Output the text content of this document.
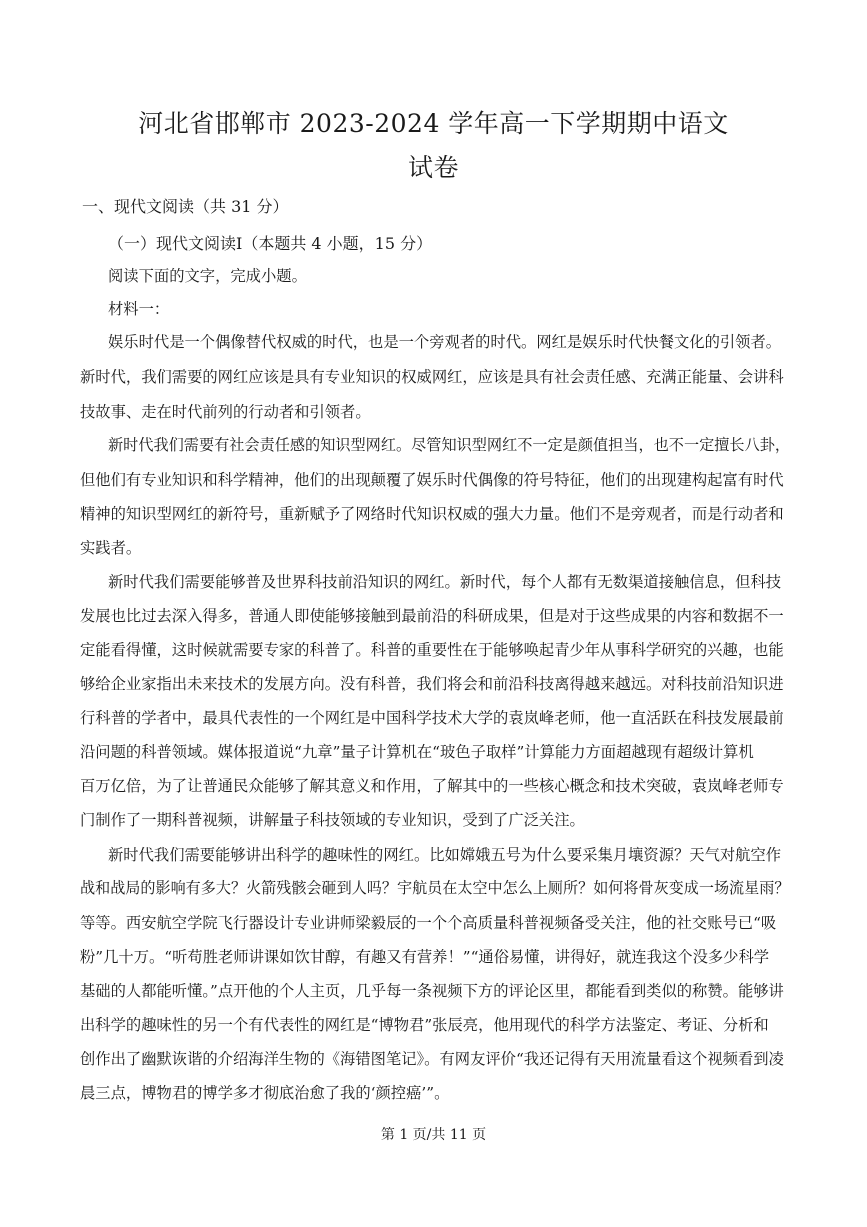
河北省邯郸市 2023-2024 学年高一下学期期中语文
试卷
一、现代文阅读（共 31 分）
（一）现代文阅读Ⅰ（本题共 4 小题，15 分）
阅读下面的文字，完成小题。
材料一：
娱乐时代是一个偶像替代权威的时代，也是一个旁观者的时代。网红是娱乐时代快餐文化的引领者。
新时代，我们需要的网红应该是具有专业知识的权威网红，应该是具有社会责任感、充满正能量、会讲科
技故事、走在时代前列的行动者和引领者。
新时代我们需要有社会责任感的知识型网红。尽管知识型网红不一定是颜值担当，也不一定擅长八卦，
但他们有专业知识和科学精神，他们的出现颠覆了娱乐时代偶像的符号特征，他们的出现建构起富有时代
精神的知识型网红的新符号，重新赋予了网络时代知识权威的强大力量。他们不是旁观者，而是行动者和
实践者。
新时代我们需要能够普及世界科技前沿知识的网红。新时代，每个人都有无数渠道接触信息，但科技
发展也比过去深入得多，普通人即使能够接触到最前沿的科研成果，但是对于这些成果的内容和数据不一
定能看得懂，这时候就需要专家的科普了。科普的重要性在于能够唤起青少年从事科学研究的兴趣，也能
够给企业家指出未来技术的发展方向。没有科普，我们将会和前沿科技离得越来越远。对科技前沿知识进
行科普的学者中，最具代表性的一个网红是中国科学技术大学的袁岚峰老师，他一直活跃在科技发展最前
沿问题的科普领域。媒体报道说“九章”量子计算机在“玻色子取样”计算能力方面超越现有超级计算机
百万亿倍，为了让普通民众能够了解其意义和作用，了解其中的一些核心概念和技术突破，袁岚峰老师专
门制作了一期科普视频，讲解量子科技领域的专业知识，受到了广泛关注。
新时代我们需要能够讲出科学的趣味性的网红。比如嫦娥五号为什么要采集月壤资源？天气对航空作
战和战局的影响有多大？火箭残骸会砸到人吗？宇航员在太空中怎么上厕所？如何将骨灰变成一场流星雨？
等等。西安航空学院飞行器设计专业讲师梁毅辰的一个个高质量科普视频备受关注，他的社交账号已“吸
粉”几十万。“听苟胜老师讲课如饮甘醇，有趣又有营养！”“通俗易懂，讲得好，就连我这个没多少科学
基础的人都能听懂。”点开他的个人主页，几乎每一条视频下方的评论区里，都能看到类似的称赞。能够讲
出科学的趣味性的另一个有代表性的网红是“博物君”张辰亮，他用现代的科学方法鉴定、考证、分析和
创作出了幽默诙谐的介绍海洋生物的《海错图笔记》。有网友评价“我还记得有天用流量看这个视频看到凌
晨三点，博物君的博学多才彻底治愈了我的‘颜控癌’”。
第 1 页/共 11 页
